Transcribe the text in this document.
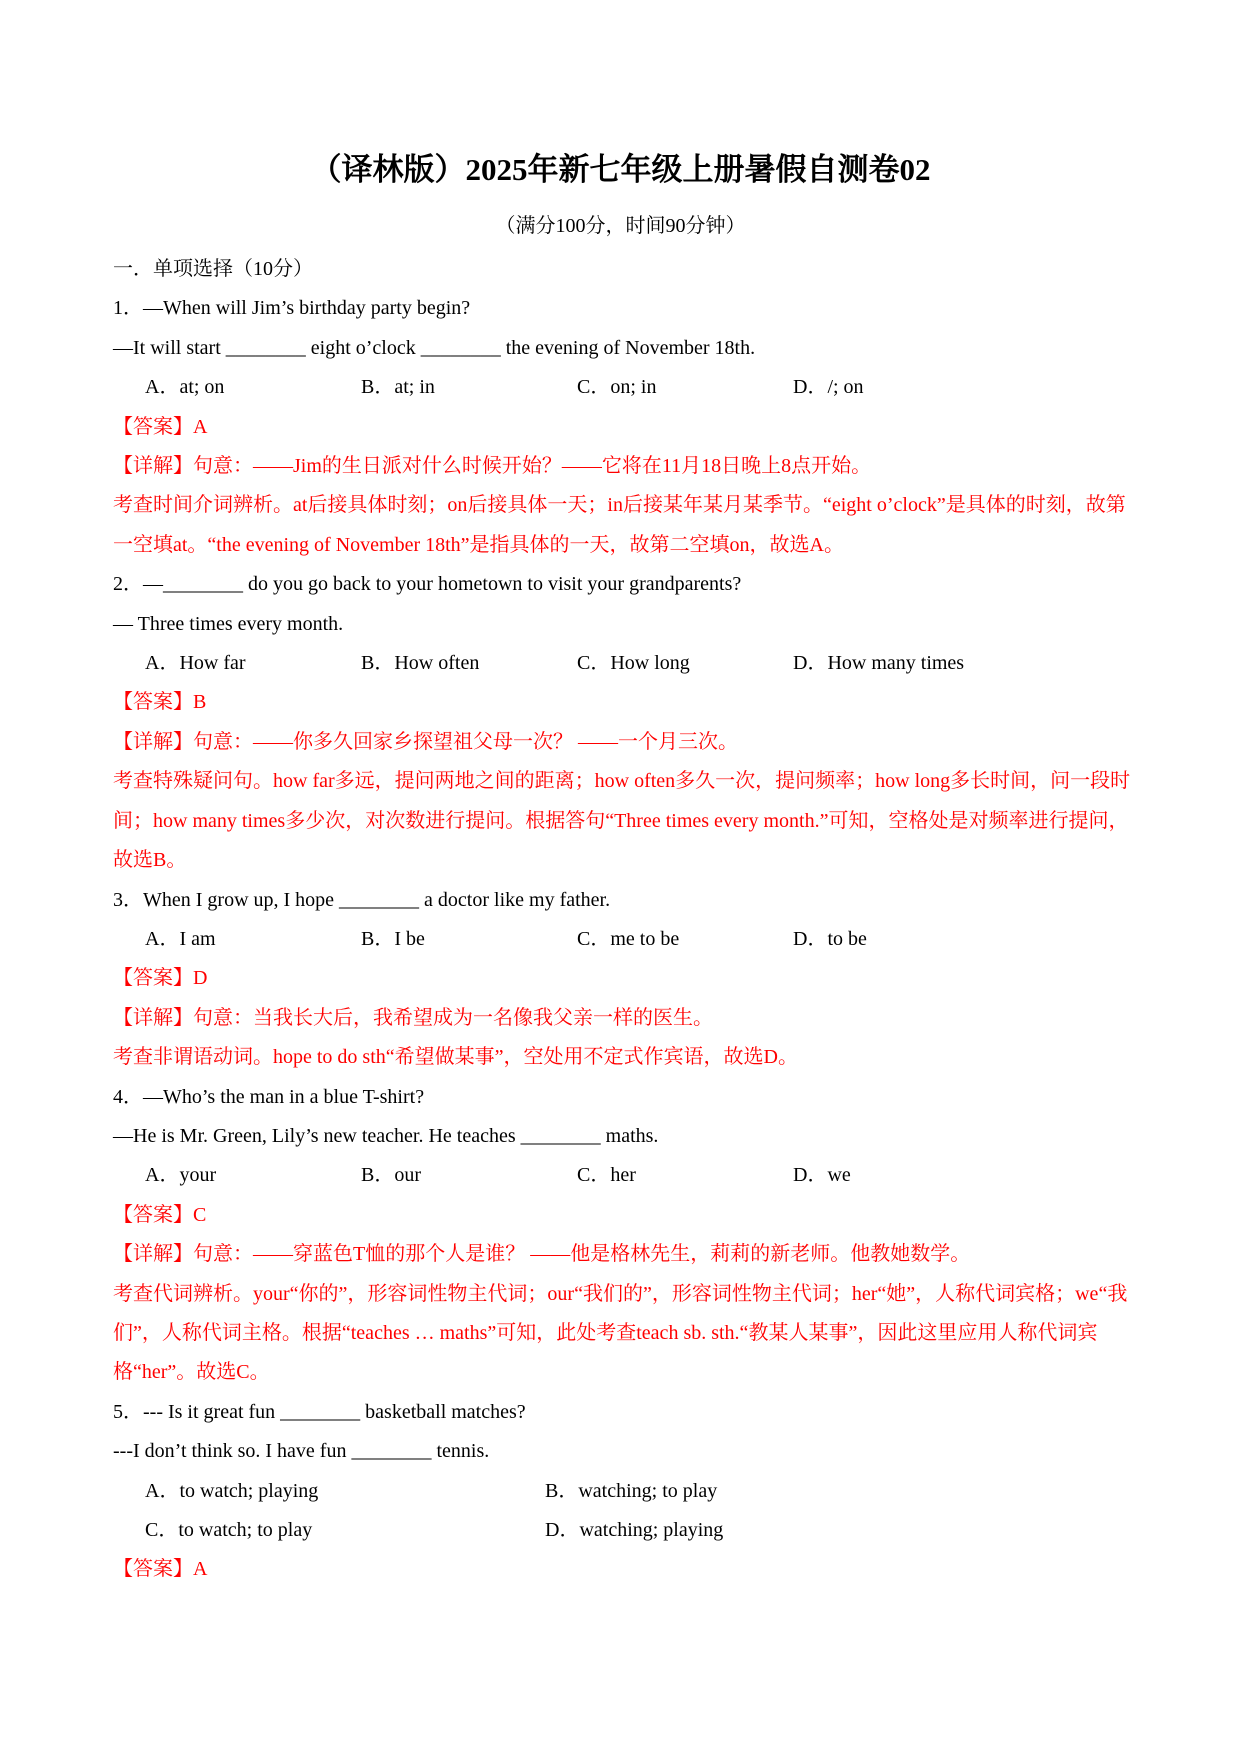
（译林版）2025年新七年级上册暑假自测卷02
（满分100分，时间90分钟）
一．单项选择（10分）
1．—When will Jim’s birthday party begin?
—It will start ________ eight o’clock ________ the evening of November 18th.
A．at; on	B．at; in	C．on; in	D．/; on
【答案】A
【详解】句意：——Jim的生日派对什么时候开始？——它将在11月18日晚上8点开始。
考查时间介词辨析。at后接具体时刻；on后接具体一天；in后接某年某月某季节。“eight o’clock”是具体的时刻，故第一空填at。“the evening of November 18th”是指具体的一天，故第二空填on，故选A。
2．—________ do you go back to your hometown to visit your grandparents?
— Three times every month.
A．How far	B．How often	C．How long	D．How many times
【答案】B
【详解】句意：——你多久回家乡探望祖父母一次？ ——一个月三次。
考查特殊疑问句。how far多远，提问两地之间的距离；how often多久一次，提问频率；how long多长时间，问一段时间；how many times多少次，对次数进行提问。根据答句“Three times every month.”可知，空格处是对频率进行提问，故选B。
3．When I grow up, I hope ________ a doctor like my father.
A．I am	B．I be	C．me to be	D．to be
【答案】D
【详解】句意：当我长大后，我希望成为一名像我父亲一样的医生。
考查非谓语动词。hope to do sth“希望做某事”，空处用不定式作宾语，故选D。
4．—Who’s the man in a blue T-shirt?
—He is Mr. Green, Lily’s new teacher. He teaches ________ maths.
A．your	B．our	C．her	D．we
【答案】C
【详解】句意：——穿蓝色T恤的那个人是谁？ ——他是格林先生，莉莉的新老师。他教她数学。
考查代词辨析。your“你的”，形容词性物主代词；our“我们的”，形容词性物主代词；her“她”，人称代词宾格；we“我们”，人称代词主格。根据“teaches … maths”可知，此处考查teach sb. sth.“教某人某事”，因此这里应用人称代词宾格“her”。故选C。
5．--- Is it great fun ________ basketball matches?
---I don’t think so. I have fun ________ tennis.
A．to watch; playing	B．watching; to play
C．to watch; to play	D．watching; playing
【答案】A
